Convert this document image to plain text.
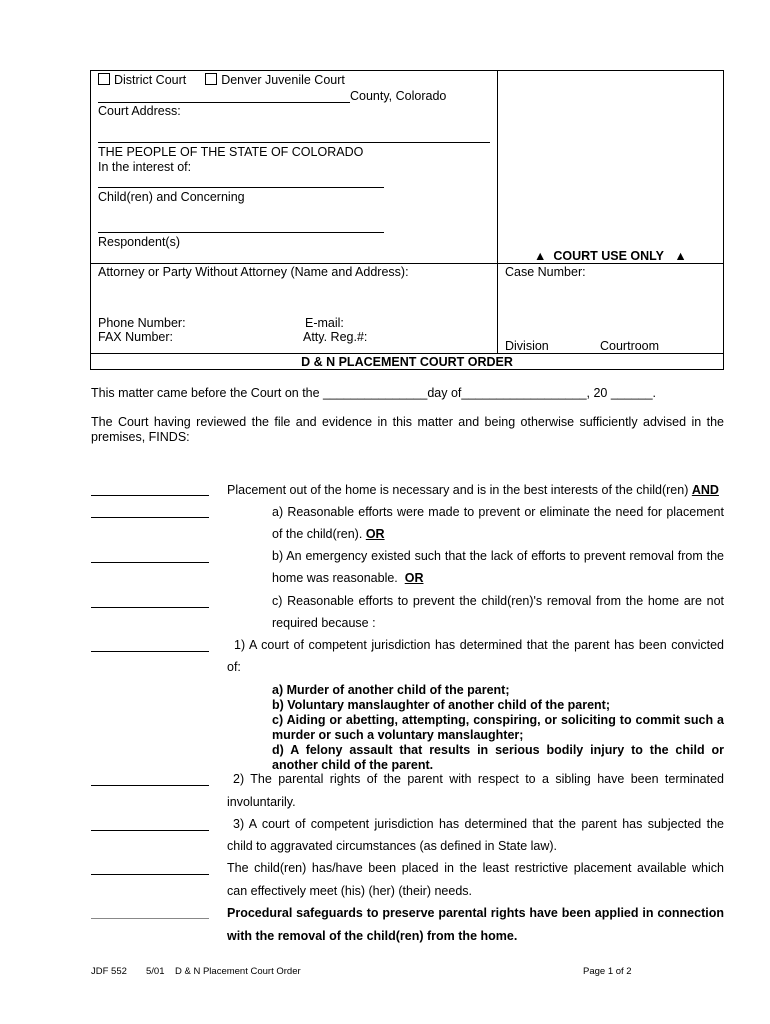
District Court	Denver Juvenile Court
County, Colorado
Court Address:
THE PEOPLE OF THE STATE OF COLORADO
In the interest of:
Child(ren) and Concerning
Respondent(s)
▲ COURT USE ONLY ▲
Attorney or Party Without Attorney (Name and Address):	Case Number:
Phone Number:	E-mail:
FAX Number:	Atty. Reg.#:
Division	Courtroom
D & N PLACEMENT COURT ORDER
This matter came before the Court on the _______________day of__________________, 20 ______.
The Court having reviewed the file and evidence in this matter and being otherwise sufficiently advised in the
premises, FINDS:
Placement out of the home is necessary and is in the best interests of the child(ren) AND
a) Reasonable efforts were made to prevent or eliminate the need for placement
of the child(ren). OR
b) An emergency existed such that the lack of efforts to prevent removal from the
home was reasonable. OR
c) Reasonable efforts to prevent the child(ren)'s removal from the home are not
required because :
1) A court of competent jurisdiction has determined that the parent has been convicted
of:
a) Murder of another child of the parent;
b) Voluntary manslaughter of another child of the parent;
c) Aiding or abetting, attempting, conspiring, or soliciting to commit such a
murder or such a voluntary manslaughter;
d) A felony assault that results in serious bodily injury to the child or
another child of the parent.
2) The parental rights of the parent with respect to a sibling have been terminated
involuntarily.
3) A court of competent jurisdiction has determined that the parent has subjected the
child to aggravated circumstances (as defined in State law).
The child(ren) has/have been placed in the least restrictive placement available which
can effectively meet (his) (her) (their) needs.
Procedural safeguards to preserve parental rights have been applied in connection
with the removal of the child(ren) from the home.
JDF 552 5/01 D & N Placement Court Order	Page 1 of 2
